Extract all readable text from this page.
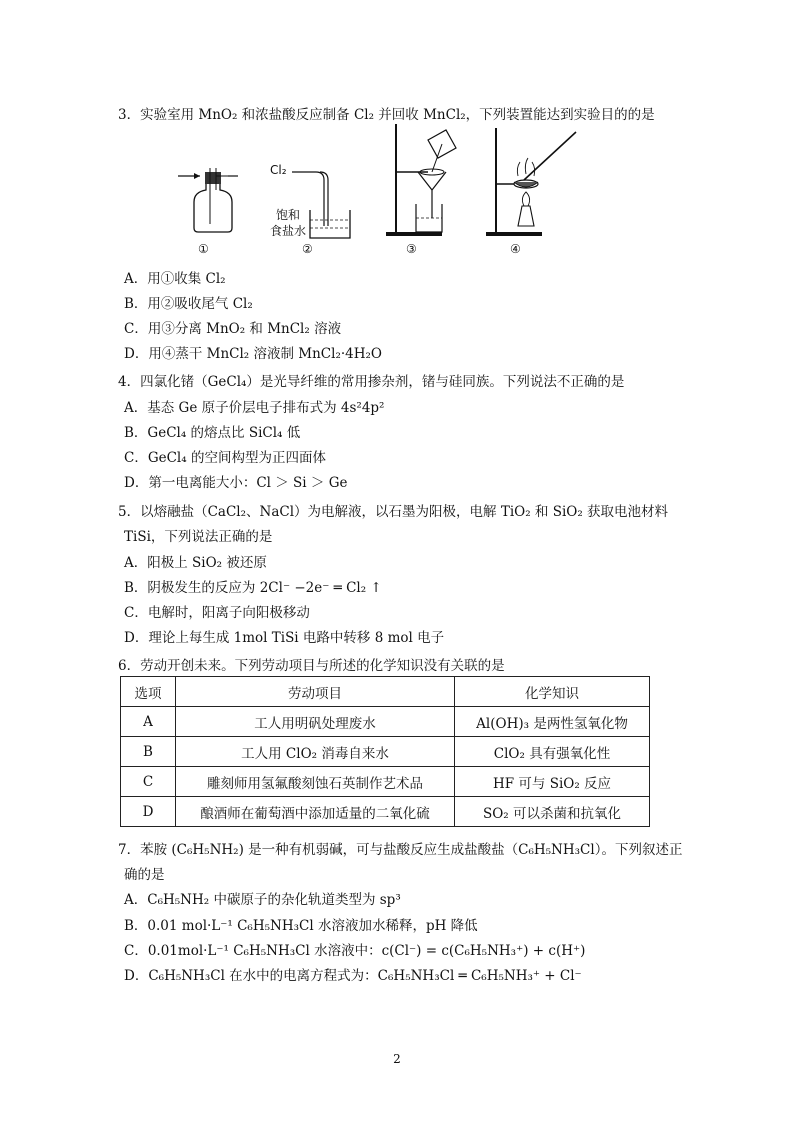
3．实验室用 MnO₂ 和浓盐酸反应制备 Cl₂ 并回收 MnCl₂，下列装置能达到实验目的的是
①
Cl₂
饱和
食盐水
②	③	④
A．用①收集 Cl₂
B．用②吸收尾气 Cl₂
C．用③分离 MnO₂ 和 MnCl₂ 溶液
D．用④蒸干 MnCl₂ 溶液制 MnCl₂·4H₂O
4．四氯化锗（GeCl₄）是光导纤维的常用掺杂剂，锗与硅同族。下列说法不正确的是
A．基态 Ge 原子价层电子排布式为 4s²4p²
B．GeCl₄ 的熔点比 SiCl₄ 低
C．GeCl₄ 的空间构型为正四面体
D．第一电离能大小：Cl ＞ Si ＞ Ge
5．以熔融盐（CaCl₂、NaCl）为电解液，以石墨为阳极，电解 TiO₂ 和 SiO₂ 获取电池材料
TiSi，下列说法正确的是
A．阳极上 SiO₂ 被还原
B．阴极发生的反应为 2Cl⁻ −2e⁻ ═ Cl₂ ↑
C．电解时，阳离子向阳极移动
D．理论上每生成 1mol TiSi 电路中转移 8 mol 电子
6．劳动开创未来。下列劳动项目与所述的化学知识没有关联的是
选项	劳动项目	化学知识
A	工人用明矾处理废水	Al(OH)₃ 是两性氢氧化物
B	工人用 ClO₂ 消毒自来水	ClO₂ 具有强氧化性
C	雕刻师用氢氟酸刻蚀石英制作艺术品	HF 可与 SiO₂ 反应
D	酿酒师在葡萄酒中添加适量的二氧化硫	SO₂ 可以杀菌和抗氧化
7．苯胺 (C₆H₅NH₂) 是一种有机弱碱，可与盐酸反应生成盐酸盐（C₆H₅NH₃Cl）。下列叙述正
确的是
A．C₆H₅NH₂ 中碳原子的杂化轨道类型为 sp³
B．0.01 mol·L⁻¹ C₆H₅NH₃Cl 水溶液加水稀释，pH 降低
C．0.01mol·L⁻¹ C₆H₅NH₃Cl 水溶液中：c(Cl⁻) = c(C₆H₅NH₃⁺) + c(H⁺)
D．C₆H₅NH₃Cl 在水中的电离方程式为：C₆H₅NH₃Cl ═ C₆H₅NH₃⁺ + Cl⁻
2
